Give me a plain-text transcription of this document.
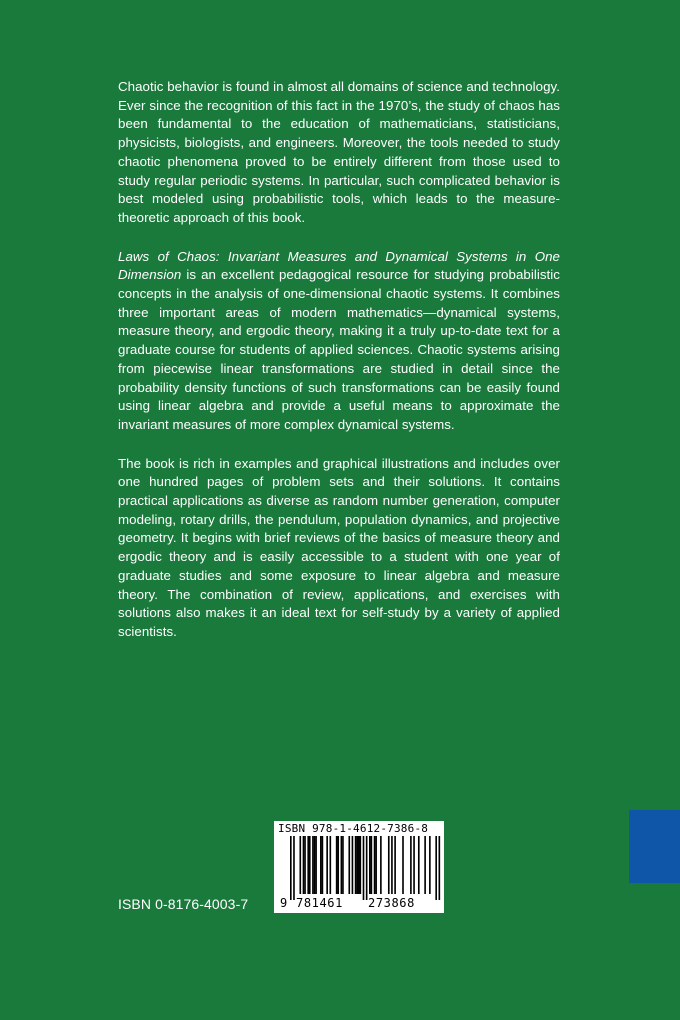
Chaotic behavior is found in almost all domains of science and technology. Ever since the recognition of this fact in the 1970’s, the study of chaos has been fundamental to the education of mathematicians, statisticians, physicists, biologists, and engineers. Moreover, the tools needed to study chaotic phenomena proved to be entirely different from those used to study regular periodic systems. In particular, such complicated behavior is best modeled using probabilistic tools, which leads to the measure-theoretic approach of this book.

Laws of Chaos: Invariant Measures and Dynamical Systems in One Dimension is an excellent pedagogical resource for studying probabilistic concepts in the analysis of one-dimensional chaotic systems. It combines three important areas of modern mathematics—dynamical systems, measure theory, and ergodic theory, making it a truly up-to-date text for a graduate course for students of applied sciences. Chaotic systems arising from piecewise linear transformations are studied in detail since the probability density functions of such transformations can be easily found using linear algebra and provide a useful means to approximate the invariant measures of more complex dynamical systems.

The book is rich in examples and graphical illustrations and includes over one hundred pages of problem sets and their solutions. It contains practical applications as diverse as random number generation, computer modeling, rotary drills, the pendulum, population dynamics, and projective geometry. It begins with brief reviews of the basics of measure theory and ergodic theory and is easily accessible to a student with one year of graduate studies and some exposure to linear algebra and measure theory. The combination of review, applications, and exercises with solutions also makes it an ideal text for self-study by a variety of applied scientists.

ISBN 0-8176-4003-7
ISBN 978-1-4612-7386-8
9 781461 273868
